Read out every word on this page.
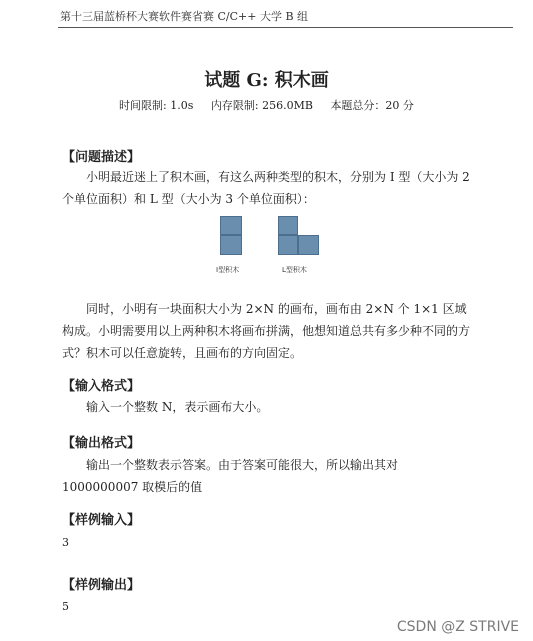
第十三届蓝桥杯大赛软件赛省赛 C/C++ 大学 B 组
试题 G: 积木画
时间限制: 1.0s 内存限制: 256.0MB 本题总分：20 分
【问题描述】
小明最近迷上了积木画，有这么两种类型的积木，分别为 I 型（大小为 2 个单位面积）和 L 型（大小为 3 个单位面积）：
I型积木	L型积木
同时，小明有一块面积大小为 2×N 的画布，画布由 2×N 个 1×1 区域构成。小明需要用以上两种积木将画布拼满，他想知道总共有多少种不同的方式？积木可以任意旋转，且画布的方向固定。
【输入格式】
输入一个整数 N，表示画布大小。
【输出格式】
输出一个整数表示答案。由于答案可能很大，所以输出其对 1000000007 取模后的值
【样例输入】
3
【样例输出】
5
CSDN @Z STRIVE
